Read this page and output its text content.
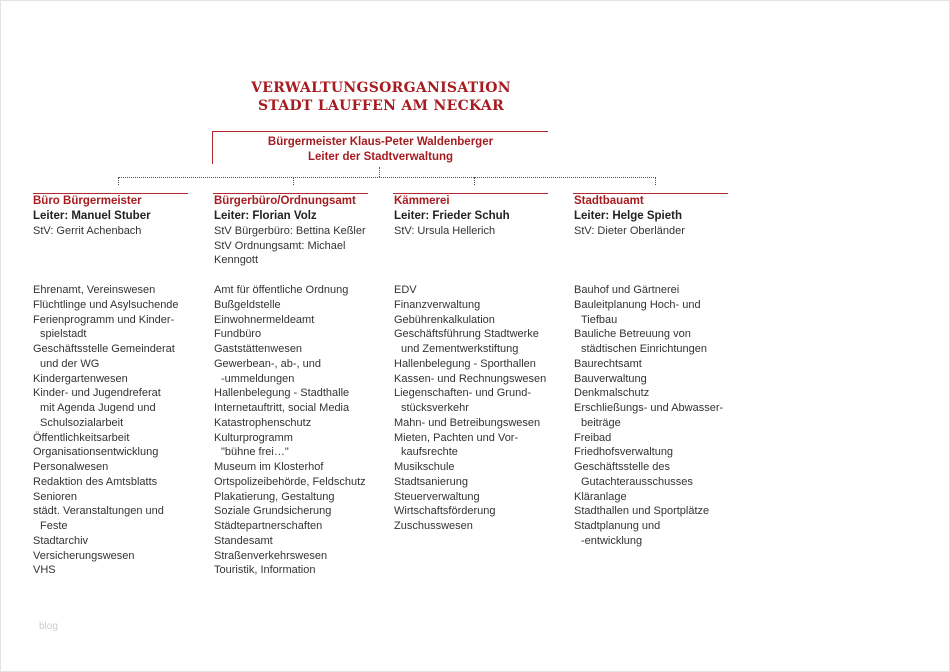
VERWALTUNGSORGANISATION
STADT LAUFFEN AM NECKAR
Bürgermeister Klaus-Peter Waldenberger
Leiter der Stadtverwaltung
Büro Bürgermeister
Leiter: Manuel Stuber
StV: Gerrit Achenbach
Ehrenamt, Vereinswesen
Flüchtlinge und Asylsuchende
Ferienprogramm und Kinder-
spielstadt
Geschäftsstelle Gemeinderat
und der WG
Kindergartenwesen
Kinder- und Jugendreferat
mit Agenda Jugend und
Schulsozialarbeit
Öffentlichkeitsarbeit
Organisationsentwicklung
Personalwesen
Redaktion des Amtsblatts
Senioren
städt. Veranstaltungen und
Feste
Stadtarchiv
Versicherungswesen
VHS
Bürgerbüro/Ordnungsamt
Leiter: Florian Volz
StV Bürgerbüro: Bettina Keßler
StV Ordnungsamt: Michael
Kenngott
Amt für öffentliche Ordnung
Bußgeldstelle
Einwohnermeldeamt
Fundbüro
Gaststättenwesen
Gewerbean-, ab-, und
-ummeldungen
Hallenbelegung - Stadthalle
Internetauftritt, social Media
Katastrophenschutz
Kulturprogramm
"bühne frei…"
Museum im Klosterhof
Ortspolizeibehörde, Feldschutz
Plakatierung, Gestaltung
Soziale Grundsicherung
Städtepartnerschaften
Standesamt
Straßenverkehrswesen
Touristik, Information
Kämmerei
Leiter: Frieder Schuh
StV: Ursula Hellerich
EDV
Finanzverwaltung
Gebührenkalkulation
Geschäftsführung Stadtwerke
und Zementwerkstiftung
Hallenbelegung - Sporthallen
Kassen- und Rechnungswesen
Liegenschaften- und Grund-
stücksverkehr
Mahn- und Betreibungswesen
Mieten, Pachten und Vor-
kaufsrechte
Musikschule
Stadtsanierung
Steuerverwaltung
Wirtschaftsförderung
Zuschusswesen
Stadtbauamt
Leiter: Helge Spieth
StV: Dieter Oberländer
Bauhof und Gärtnerei
Bauleitplanung Hoch- und
Tiefbau
Bauliche Betreuung von
städtischen Einrichtungen
Baurechtsamt
Bauverwaltung
Denkmalschutz
Erschließungs- und Abwasser-
beiträge
Freibad
Friedhofsverwaltung
Geschäftsstelle des
Gutachterausschusses
Kläranlage
Stadthallen und Sportplätze
Stadtplanung und
-entwicklung
blog
